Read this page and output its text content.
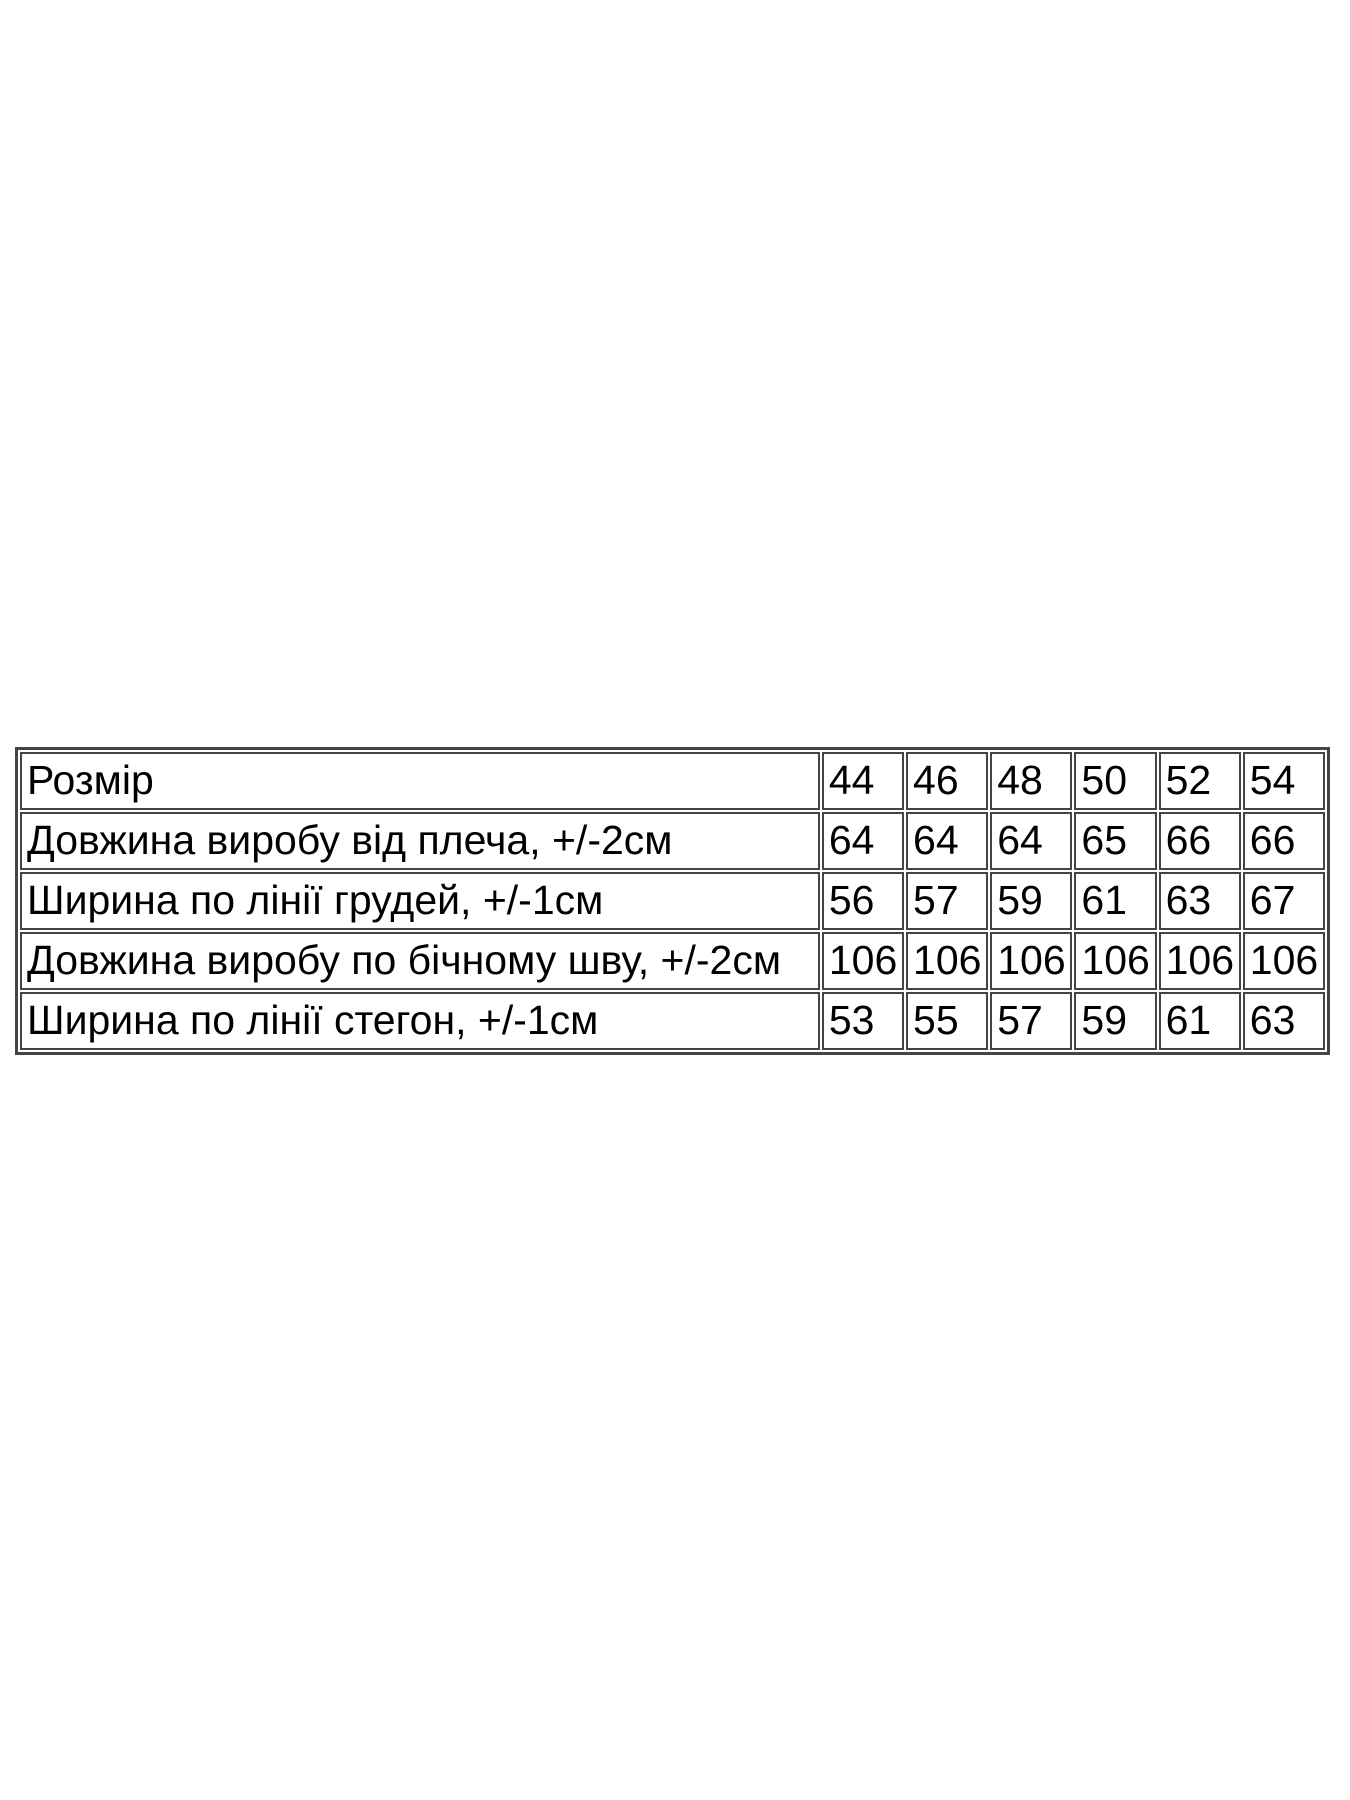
Розмір	44	46	48	50	52	54
Довжина виробу від плеча, +/-2см	64	64	64	65	66	66
Ширина по лінії грудей, +/-1см	56	57	59	61	63	67
Довжина виробу по бічному шву, +/-2см	106	106	106	106	106	106
Ширина по лінії стегон, +/-1см	53	55	57	59	61	63
